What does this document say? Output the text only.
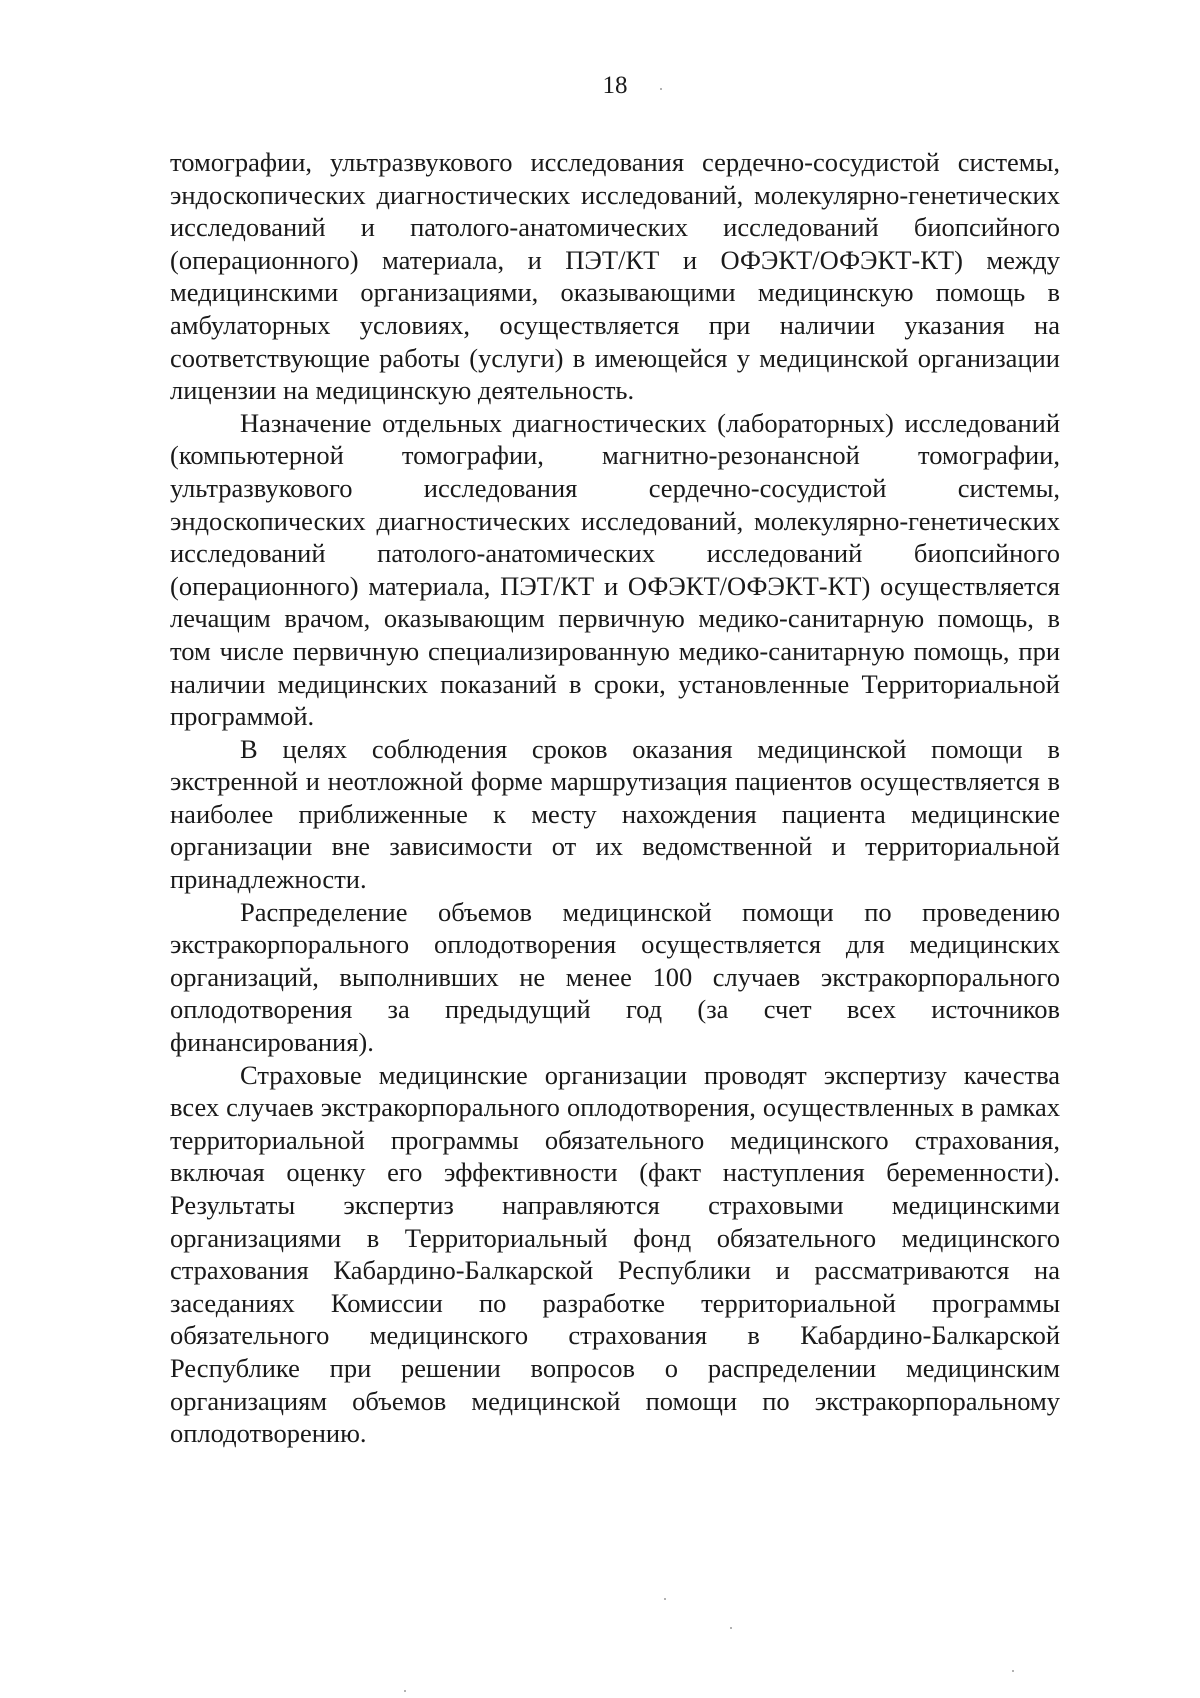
18

томографии, ультразвукового исследования сердечно-сосудистой системы, эндоскопических диагностических исследований, молекулярно-генетических исследований и патолого-анатомических исследований биопсийного (операционного) материала, и ПЭТ/КТ и ОФЭКТ/ОФЭКТ-КТ) между медицинскими организациями, оказывающими медицинскую помощь в амбулаторных условиях, осуществляется при наличии указания на соответствующие работы (услуги) в имеющейся у медицинской организации лицензии на медицинскую деятельность.

Назначение отдельных диагностических (лабораторных) исследований (компьютерной томографии, магнитно-резонансной томографии, ультразвукового исследования сердечно-сосудистой системы, эндоскопических диагностических исследований, молекулярно-генетических исследований патолого-анатомических исследований биопсийного (операционного) материала, ПЭТ/КТ и ОФЭКТ/ОФЭКТ-КТ) осуществляется лечащим врачом, оказывающим первичную медико-санитарную помощь, в том числе первичную специализированную медико-санитарную помощь, при наличии медицинских показаний в сроки, установленные Территориальной программой.

В целях соблюдения сроков оказания медицинской помощи в экстренной и неотложной форме маршрутизация пациентов осуществляется в наиболее приближенные к месту нахождения пациента медицинские организации вне зависимости от их ведомственной и территориальной принадлежности.

Распределение объемов медицинской помощи по проведению экстракорпорального оплодотворения осуществляется для медицинских организаций, выполнивших не менее 100 случаев экстракорпорального оплодотворения за предыдущий год (за счет всех источников финансирования).

Страховые медицинские организации проводят экспертизу качества всех случаев экстракорпорального оплодотворения, осуществленных в рамках территориальной программы обязательного медицинского страхования, включая оценку его эффективности (факт наступления беременности). Результаты экспертиз направляются страховыми медицинскими организациями в Территориальный фонд обязательного медицинского страхования Кабардино-Балкарской Республики и рассматриваются на заседаниях Комиссии по разработке территориальной программы обязательного медицинского страхования в Кабардино-Балкарской Республике при решении вопросов о распределении медицинским организациям объемов медицинской помощи по экстракорпоральному оплодотворению.
